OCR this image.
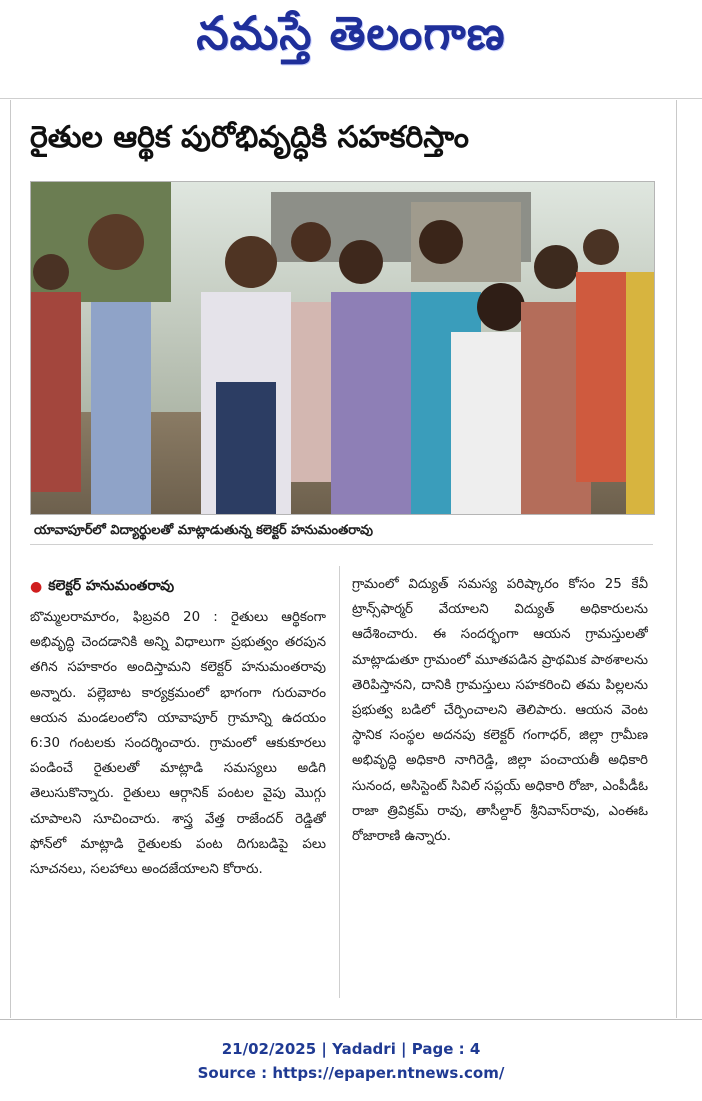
నమస్తే తెలంగాణ
రైతుల ఆర్థిక పురోభివృద్ధికి సహకరిస్తాం
యావాపూర్‌లో విద్యార్థులతో మాట్లాడుతున్న కలెక్టర్ హనుమంతరావు
● కలెక్టర్ హనుమంతరావు
బొమ్మలరామారం, ఫిబ్రవరి 20 : రైతులు ఆర్థికంగా అభివృద్ధి చెందడానికి అన్ని విధాలుగా ప్రభుత్వం తరపున తగిన సహకారం అందిస్తామని కలెక్టర్ హనుమంతరావు అన్నారు. పల్లెబాట కార్యక్రమంలో భాగంగా గురువారం ఆయన మండలంలోని యావాపూర్ గ్రామాన్ని ఉదయం 6:30 గంటలకు సందర్శించారు. గ్రామంలో ఆకుకూరలు పండించే రైతులతో మాట్లాడి సమస్యలు అడిగి తెలుసుకొన్నారు. రైతులు ఆర్గానిక్ పంటల వైపు మొగ్గు చూపాలని సూచించారు. శాస్త్ర వేత్త రాజేందర్ రెడ్డితో ఫోన్‌లో మాట్లాడి రైతులకు పంట దిగుబడిపై పలు సూచనలు, సలహాలు అందజేయాలని కోరారు.
గ్రామంలో విద్యుత్ సమస్య పరిష్కారం కోసం 25 కేవీ ట్రాన్స్‌ఫార్మర్ వేయాలని విద్యుత్ అధికారులను ఆదేశించారు. ఈ సందర్భంగా ఆయన గ్రామస్తులతో మాట్లాడుతూ గ్రామంలో మూతపడిన ప్రాథమిక పాఠశాలను తెరిపిస్తానని, దానికి గ్రామస్తులు సహకరించి తమ పిల్లలను ప్రభుత్వ బడిలో చేర్పించాలని తెలిపారు. ఆయన వెంట స్థానిక సంస్థల అదనపు కలెక్టర్ గంగాధర్, జిల్లా గ్రామీణ అభివృద్ధి అధికారి నాగిరెడ్డి, జిల్లా పంచాయతీ అధికారి సునంద, అసిస్టెంట్ సివిల్ సప్లయ్ అధికారి రోజా, ఎంపీడీఓ రాజా త్రివిక్రమ్ రావు, తాసీల్దార్ శ్రీనివాస్‌రావు, ఎంఈఓ రోజారాణి ఉన్నారు.
21/02/2025 | Yadadri | Page : 4
Source : https://epaper.ntnews.com/
